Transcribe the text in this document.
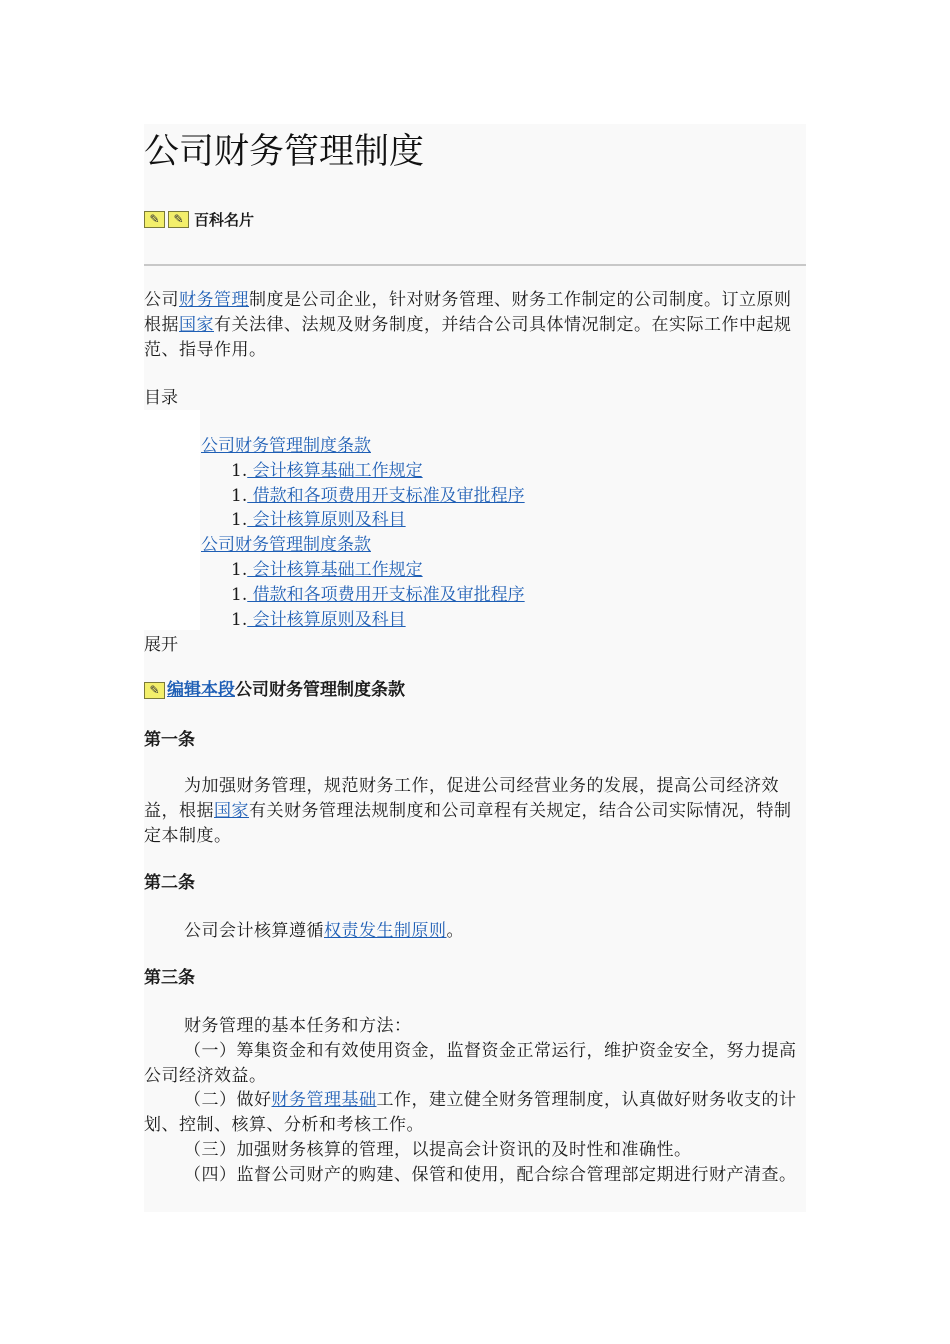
公司财务管理制度
✎	✎ 百科名片
公司财务管理制度是公司企业，针对财务管理、财务工作制定的公司制度。订立原则根据国家有关法律、法规及财务制度，并结合公司具体情况制定。在实际工作中起规范、指导作用。
目录
公司财务管理制度条款
1. 会计核算基础工作规定
1. 借款和各项费用开支标准及审批程序
1. 会计核算原则及科目
公司财务管理制度条款
1. 会计核算基础工作规定
1. 借款和各项费用开支标准及审批程序
1. 会计核算原则及科目
展开
✎ 编辑本段 公司财务管理制度条款
第一条
为加强财务管理，规范财务工作，促进公司经营业务的发展，提高公司经济效益，根据国家有关财务管理法规制度和公司章程有关规定，结合公司实际情况，特制定本制度。
第二条
公司会计核算遵循权责发生制原则。
第三条
财务管理的基本任务和方法：
（一）筹集资金和有效使用资金，监督资金正常运行，维护资金安全，努力提高公司经济效益。
（二）做好财务管理基础工作，建立健全财务管理制度，认真做好财务收支的计划、控制、核算、分析和考核工作。
（三）加强财务核算的管理，以提高会计资讯的及时性和准确性。
（四）监督公司财产的购建、保管和使用，配合综合管理部定期进行财产清查。
